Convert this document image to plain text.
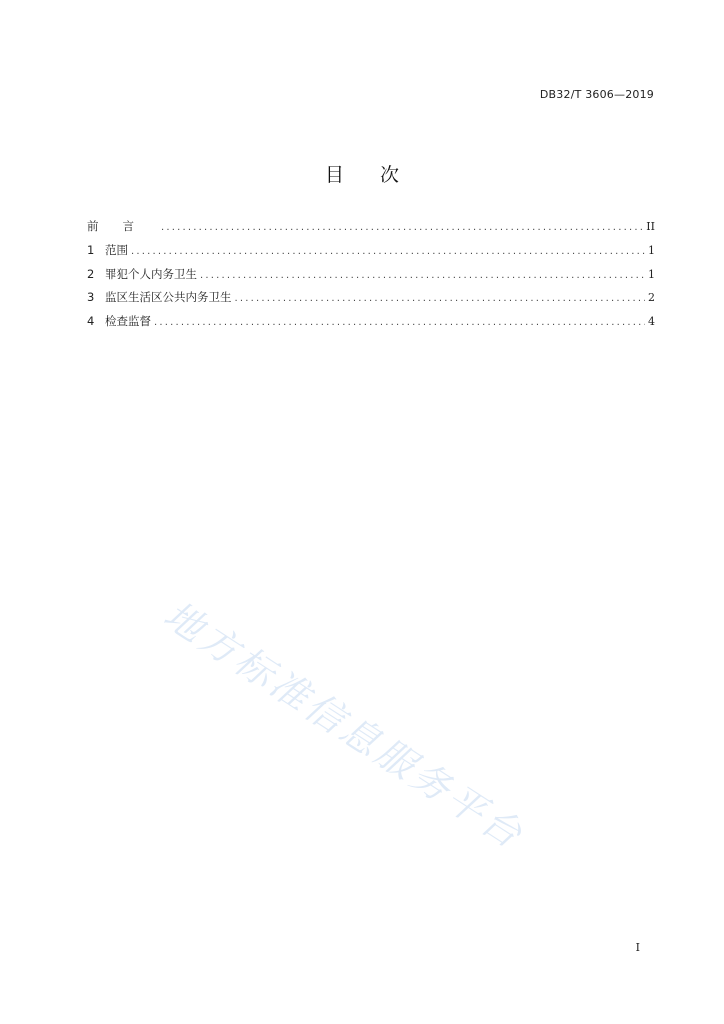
DB32/T 3606—2019
目 次
前言 .....	II
1 范围 .....	1
2 罪犯个人内务卫生 .....	1
3 监区生活区公共内务卫生 .....	2
4 检查监督 .....	4
地方标准信息服务平台
I
